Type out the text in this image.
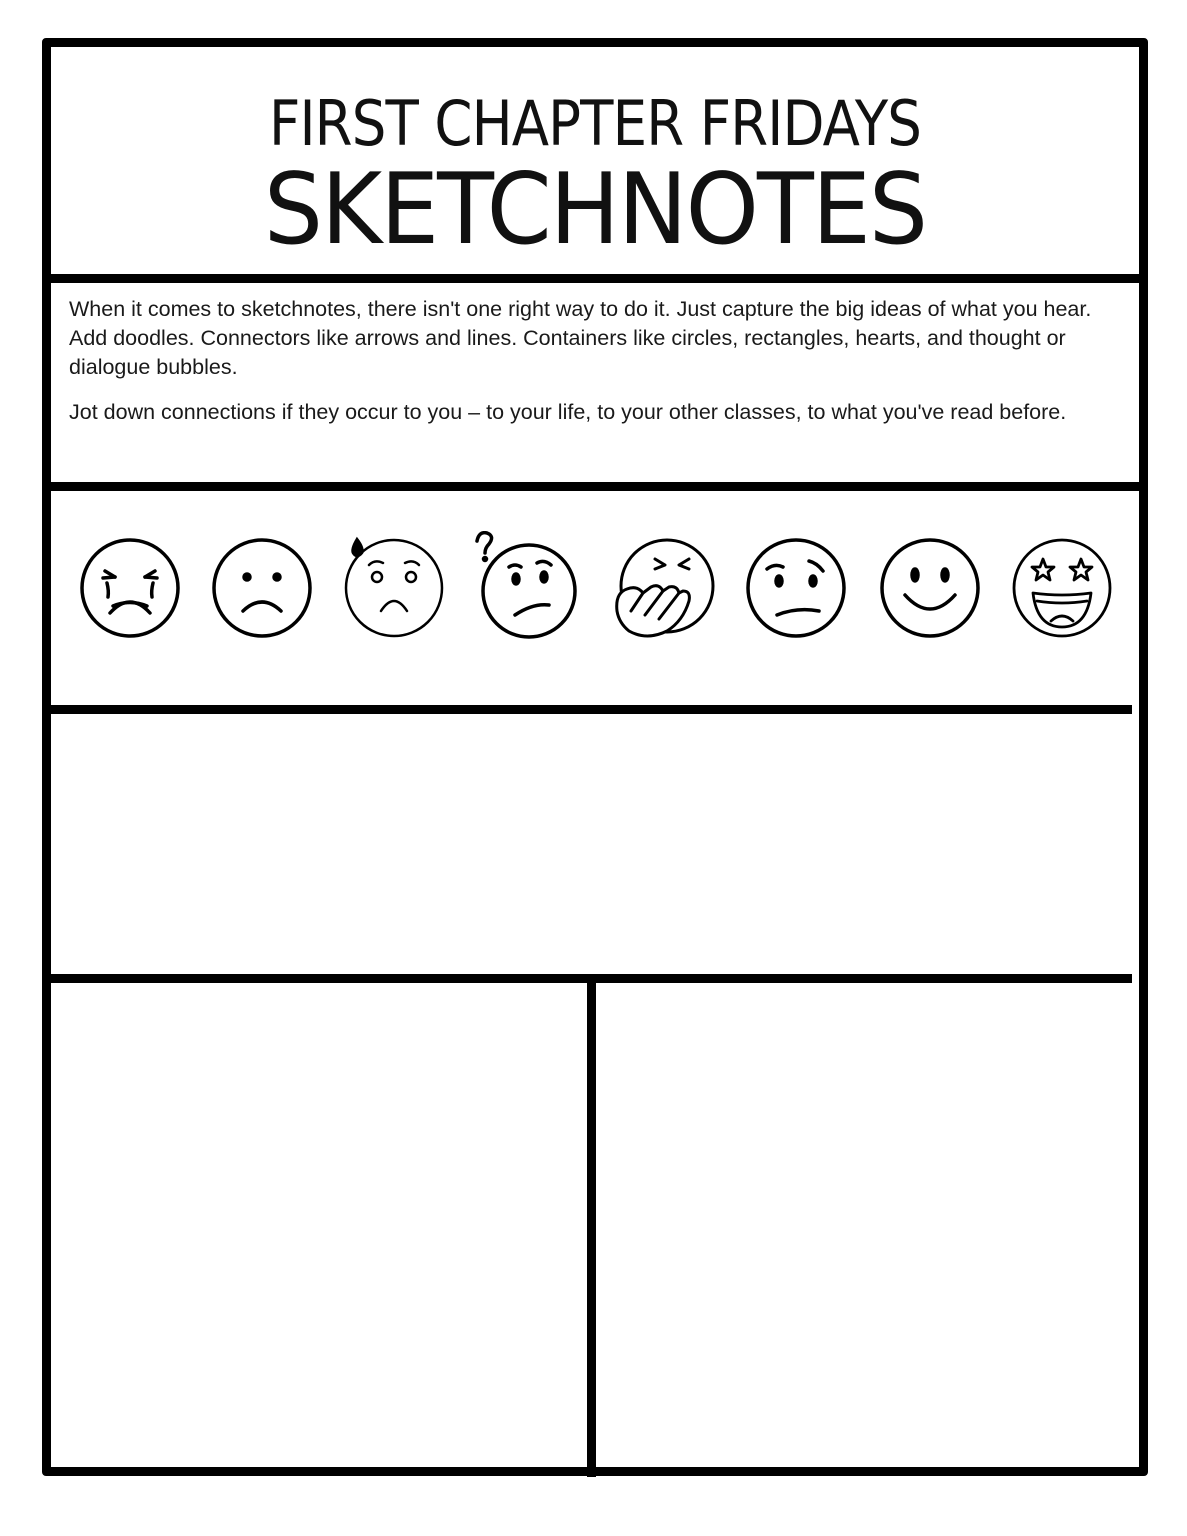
FIRST CHAPTER FRIDAYS
SKETCHNOTES

When it comes to sketchnotes, there isn't one right way to do it. Just capture the big ideas of what you hear. Add doodles. Connectors like arrows and lines. Containers like circles, rectangles, hearts, and thought or dialogue bubbles.

Jot down connections if they occur to you – to your life, to your other classes, to what you've read before.
